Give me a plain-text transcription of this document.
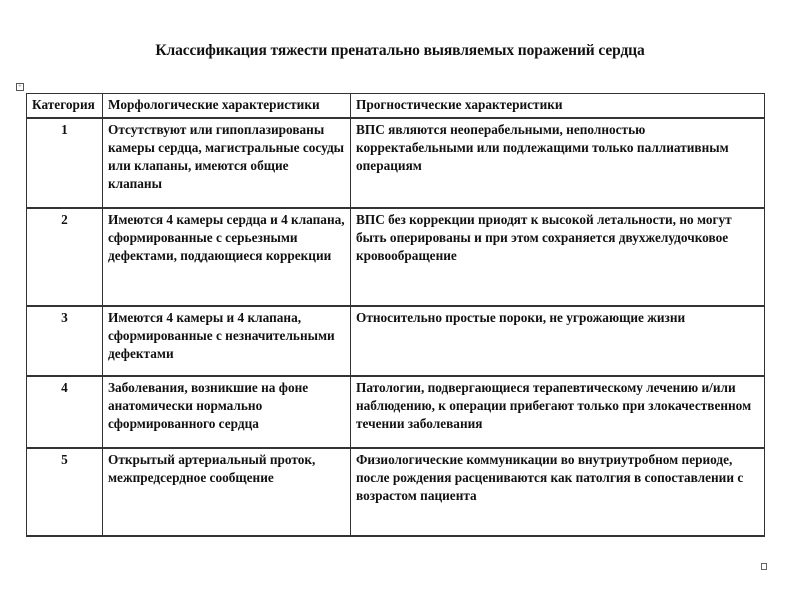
Классификация тяжести пренатально выявляемых поражений сердца
+
Категория	Морфологические характеристики	Прогностические характеристики
1	Отсутствуют или гипоплазированы камеры сердца, магистральные сосуды или клапаны, имеются общие клапаны	ВПС являются неоперабельными, неполностью корректабельными или подлежащими только паллиативным операциям
2	Имеются 4 камеры сердца и 4 клапана, сформированные с серьезными дефектами, поддающиеся коррекции	ВПС без коррекции приодят к высокой летальности, но могут быть оперированы и при этом сохраняется двухжелудочковое кровообращение
3	Имеются 4 камеры и 4 клапана, сформированные с незначительными дефектами	Относительно простые пороки, не угрожающие жизни
4	Заболевания, возникшие на фоне анатомически нормально сформированного сердца	Патологии, подвергающиеся терапевтическому лечению и/или наблюдению, к операции прибегают только при злокачественном течении заболевания
5	Открытый артериальный проток, межпредсердное сообщение	Физиологические коммуникации во внутриутробном периоде, после рождения расцениваются как патолгия в сопоставлении с возрастом пациента
